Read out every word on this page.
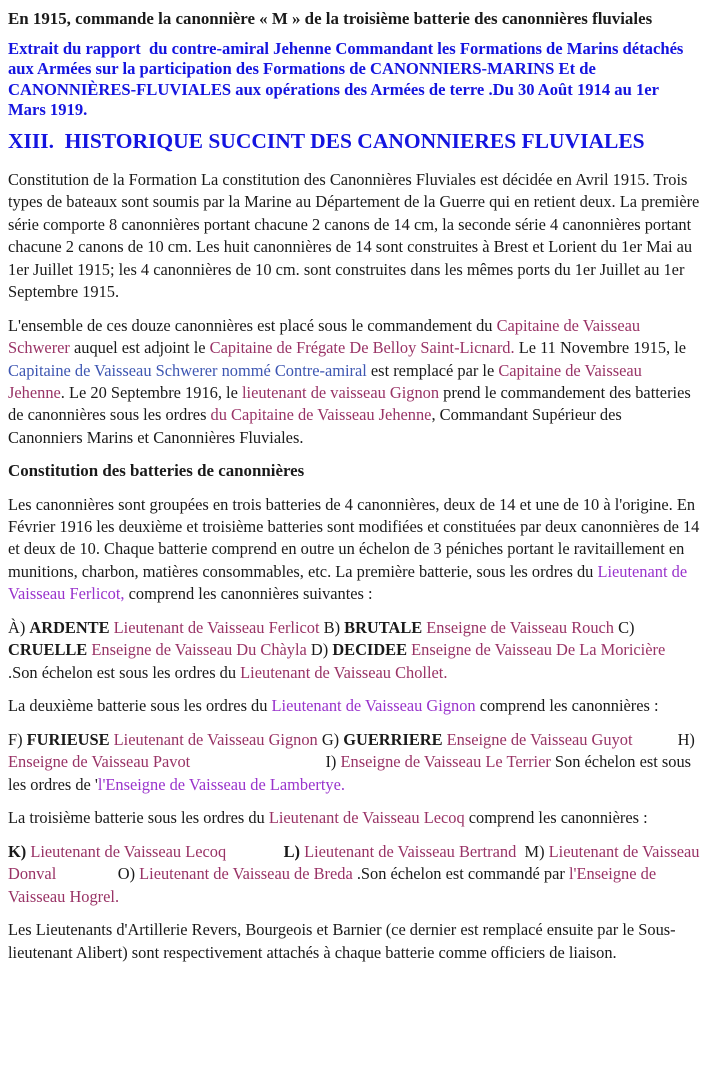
En 1915, commande la canonnière « M » de la troisième batterie des canonnières fluviales

Extrait du rapport  du contre-amiral Jehenne Commandant les Formations de Marins détachés aux Armées sur la participation des Formations de CANONNIERS-MARINS Et de CANONNIÈRES-FLUVIALES aux opérations des Armées de terre .Du 30 Août 1914 au 1er Mars 1919.

XIII.  HISTORIQUE SUCCINT DES CANONNIERES FLUVIALES

Constitution de la Formation La constitution des Canonnières Fluviales est décidée en Avril 1915. Trois types de bateaux sont soumis par la Marine au Département de la Guerre qui en retient deux. La première série comporte 8 canonnières portant chacune 2 canons de 14 cm, la seconde série 4 canonnières portant chacune 2 canons de 10 cm. Les huit canonnières de 14 sont construites à Brest et Lorient du 1er Mai au 1er Juillet 1915; les 4 canonnières de 10 cm. sont construites dans les mêmes ports du 1er Juillet au 1er Septembre 1915.

L'ensemble de ces douze canonnières est placé sous le commandement du Capitaine de Vaisseau Schwerer auquel est adjoint le Capitaine de Frégate De Belloy Saint-Licnard. Le 11 Novembre 1915, le Capitaine de Vaisseau Schwerer nommé Contre-amiral est remplacé par le Capitaine de Vaisseau Jehenne. Le 20 Septembre 1916, le lieutenant de vaisseau Gignon prend le commandement des batteries de canonnières sous les ordres du Capitaine de Vaisseau Jehenne, Commandant Supérieur des Canonniers Marins et Canonnières Fluviales.

Constitution des batteries de canonnières

Les canonnières sont groupées en trois batteries de 4 canonnières, deux de 14 et une de 10 à l'origine. En Février 1916 les deuxième et troisième batteries sont modifiées et constituées par deux canonnières de 14 et deux de 10. Chaque batterie comprend en outre un échelon de 3 péniches portant le ravitaillement en munitions, charbon, matières consommables, etc. La première batterie, sous les ordres du Lieutenant de Vaisseau Ferlicot, comprend les canonnières suivantes :

À) ARDENTE Lieutenant de Vaisseau Ferlicot B) BRUTALE Enseigne de Vaisseau Rouch C) CRUELLE Enseigne de Vaisseau Du Chàyla D) DECIDEE Enseigne de Vaisseau De La Moricière  .Son échelon est sous les ordres du Lieutenant de Vaisseau Chollet.

La deuxième batterie sous les ordres du Lieutenant de Vaisseau Gignon comprend les canonnières :

F) FURIEUSE Lieutenant de Vaisseau Gignon G) GUERRIERE Enseigne de Vaisseau Guyot           H) Enseigne de Vaisseau Pavot                                 I) Enseigne de Vaisseau Le Terrier Son échelon est sous les ordres de 'l'Enseigne de Vaisseau de Lambertye.

La troisième batterie sous les ordres du Lieutenant de Vaisseau Lecoq comprend les canonnières :

K) Lieutenant de Vaisseau Lecoq	L) Lieutenant de Vaisseau Bertrand  M) Lieutenant de Vaisseau Donval               O) Lieutenant de Vaisseau de Breda .Son échelon est commandé par l'Enseigne de Vaisseau Hogrel.

Les Lieutenants d'Artillerie Revers, Bourgeois et Barnier (ce dernier est remplacé ensuite par le Sous-lieutenant Alibert) sont respectivement attachés à chaque batterie comme officiers de liaison.
